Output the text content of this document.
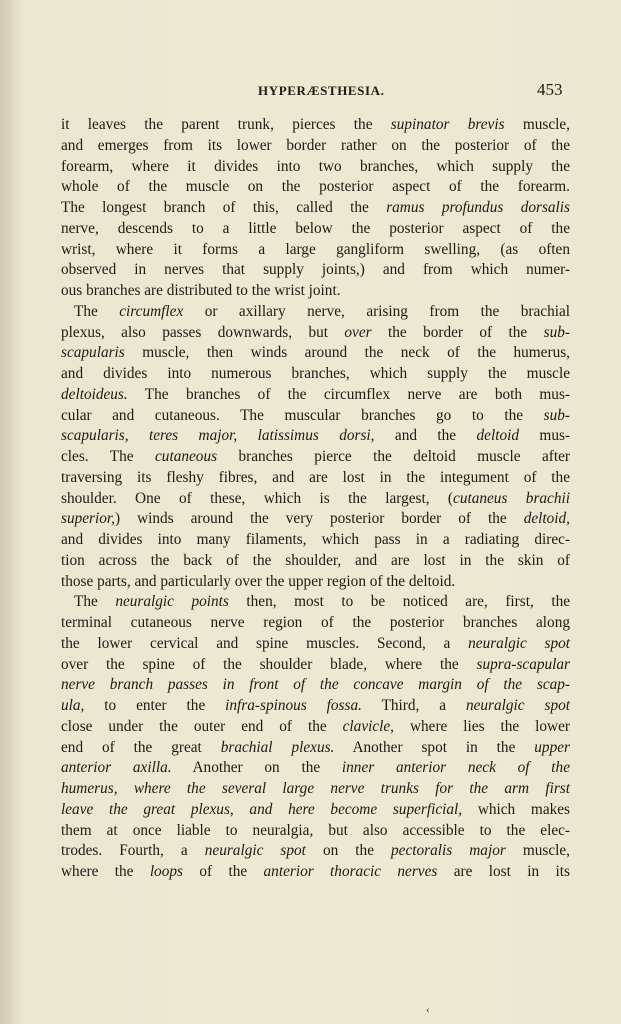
HYPERÆSTHESIA.	453
it leaves the parent trunk, pierces the supinator brevis muscle,
and emerges from its lower border rather on the posterior of the
forearm, where it divides into two branches, which supply the
whole of the muscle on the posterior aspect of the forearm.
The longest branch of this, called the ramus profundus dorsalis
nerve, descends to a little below the posterior aspect of the
wrist, where it forms a large gangliform swelling, (as often
observed in nerves that supply joints,) and from which numer-
ous branches are distributed to the wrist joint.
The circumflex or axillary nerve, arising from the brachial
plexus, also passes downwards, but over the border of the sub-
scapularis muscle, then winds around the neck of the humerus,
and divides into numerous branches, which supply the muscle
deltoideus. The branches of the circumflex nerve are both mus-
cular and cutaneous. The muscular branches go to the sub-
scapularis, teres major, latissimus dorsi, and the deltoid mus-
cles. The cutaneous branches pierce the deltoid muscle after
traversing its fleshy fibres, and are lost in the integument of the
shoulder. One of these, which is the largest, (cutaneus brachii
superior,) winds around the very posterior border of the deltoid,
and divides into many filaments, which pass in a radiating direc-
tion across the back of the shoulder, and are lost in the skin of
those parts, and particularly over the upper region of the deltoid.
The neuralgic points then, most to be noticed are, first, the
terminal cutaneous nerve region of the posterior branches along
the lower cervical and spine muscles. Second, a neuralgic spot
over the spine of the shoulder blade, where the supra-scapular
nerve branch passes in front of the concave margin of the scap-
ula, to enter the infra-spinous fossa. Third, a neuralgic spot
close under the outer end of the clavicle, where lies the lower
end of the great brachial plexus. Another spot in the upper
anterior axilla. Another on the inner anterior neck of the
humerus, where the several large nerve trunks for the arm first
leave the great plexus, and here become superficial, which makes
them at once liable to neuralgia, but also accessible to the elec-
trodes. Fourth, a neuralgic spot on the pectoralis major muscle,
where the loops of the anterior thoracic nerves are lost in its
‹
